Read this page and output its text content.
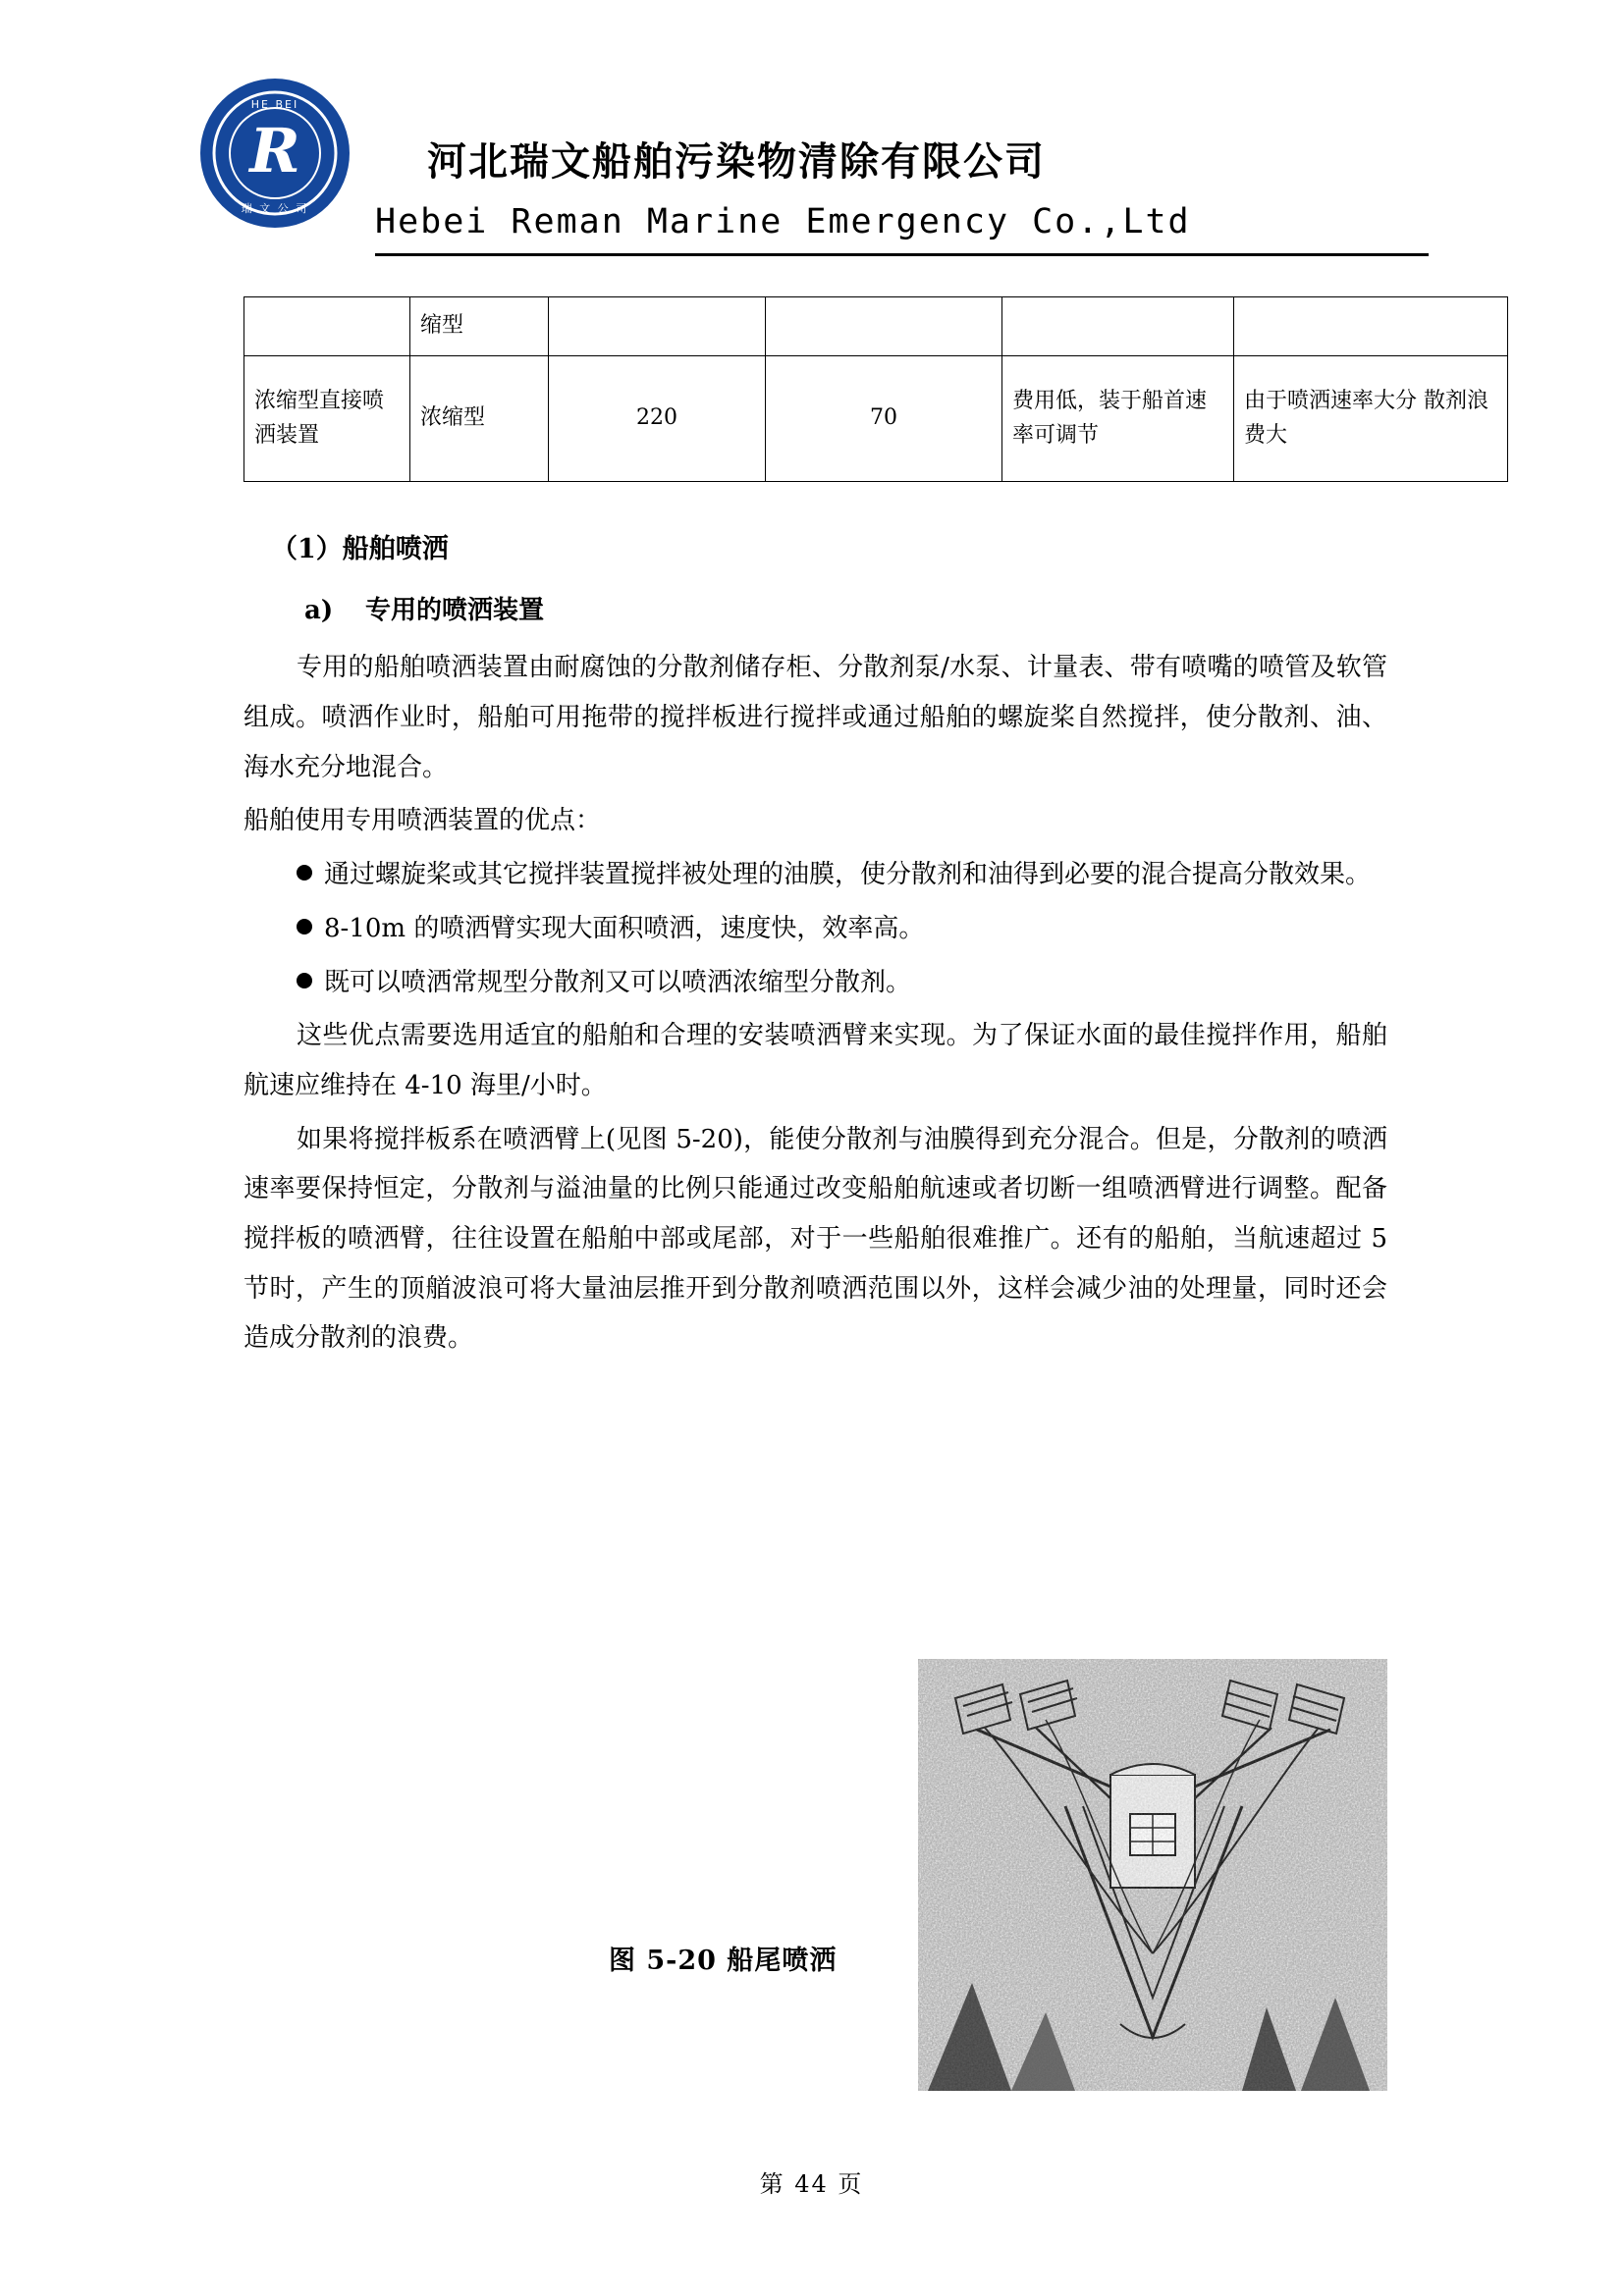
R
HE BEI
瑞 文 公 司
河北瑞文船舶污染物清除有限公司
Hebei Reman Marine Emergency Co.,Ltd
	缩型				
浓缩型直接喷洒装置	浓缩型	220	70	费用低，装于船首速率可调节	由于喷洒速率大分 散剂浪费大
（1）船舶喷洒
a) 专用的喷洒装置

专用的船舶喷洒装置由耐腐蚀的分散剂储存柜、分散剂泵/水泵、计量表、带有喷嘴的喷管及软管组成。喷洒作业时，船舶可用拖带的搅拌板进行搅拌或通过船舶的螺旋桨自然搅拌，使分散剂、油、海水充分地混合。

船舶使用专用喷洒装置的优点：

通过螺旋桨或其它搅拌装置搅拌被处理的油膜，使分散剂和油得到必要的混合提高分散效果。

8-10m 的喷洒臂实现大面积喷洒，速度快，效率高。

既可以喷洒常规型分散剂又可以喷洒浓缩型分散剂。

这些优点需要选用适宜的船舶和合理的安装喷洒臂来实现。为了保证水面的最佳搅拌作用，船舶航速应维持在 4-10 海里/小时。

如果将搅拌板系在喷洒臂上(见图 5-20)，能使分散剂与油膜得到充分混合。但是，分散剂的喷洒速率要保持恒定，分散剂与溢油量的比例只能通过改变船舶航速或者切断一组喷洒臂进行调整。配备搅拌板的喷洒臂，往往设置在船舶中部或尾部，对于一些船舶很难推广。还有的船舶，当航速超过 5 节时，产生的顶艏波浪可将大量油层推开到分散剂喷洒范围以外，这样会减少油的处理量，同时还会造成分散剂的浪费。

图 5-20 船尾喷洒
第 44 页
